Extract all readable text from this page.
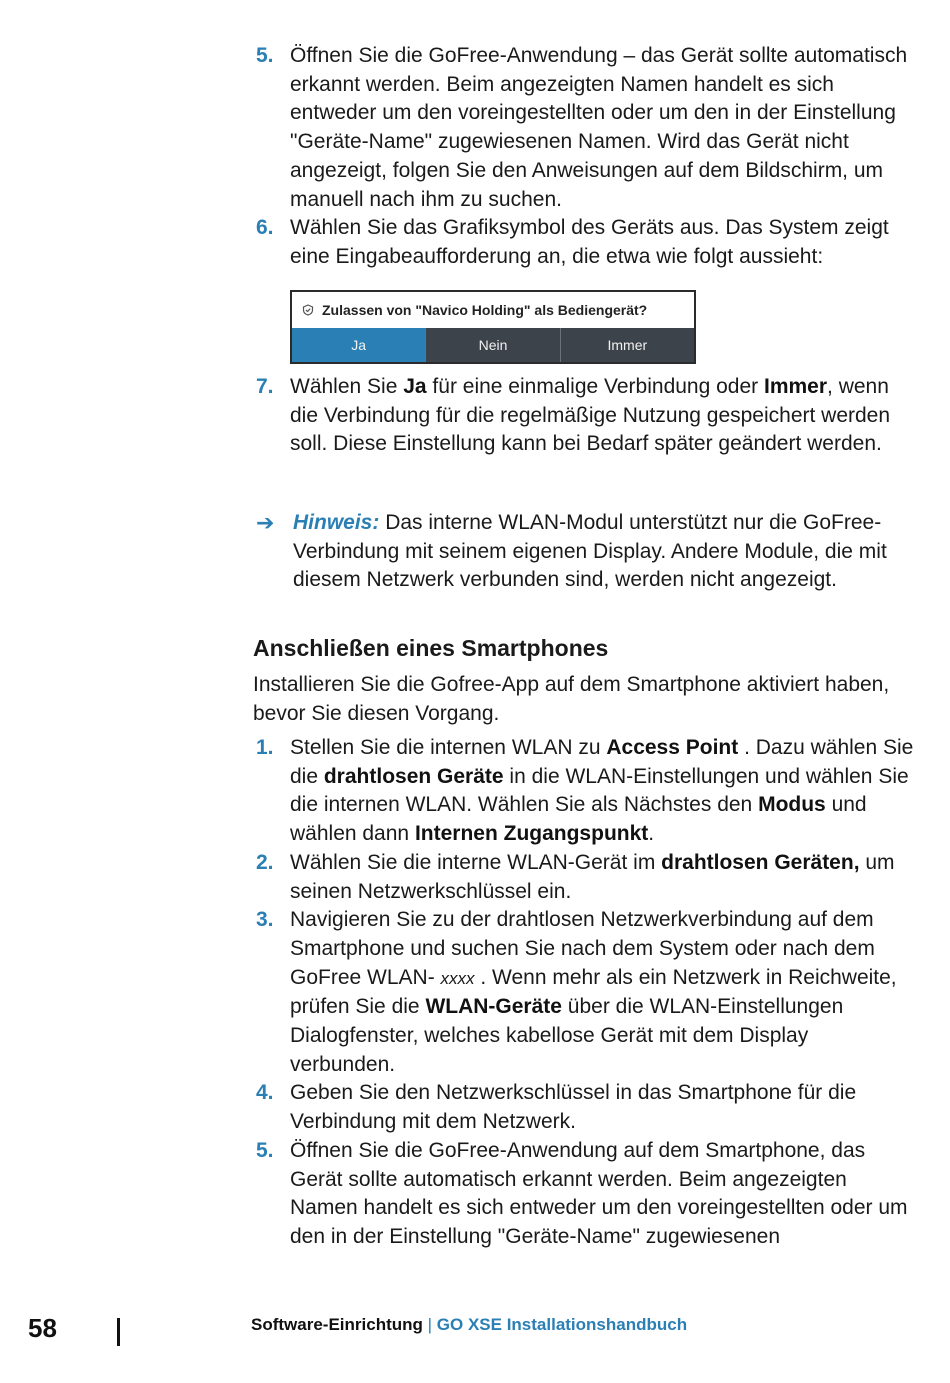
5. Öffnen Sie die GoFree-Anwendung – das Gerät sollte automatisch erkannt werden. Beim angezeigten Namen handelt es sich entweder um den voreingestellten oder um den in der Einstellung "Geräte-Name" zugewiesenen Namen. Wird das Gerät nicht angezeigt, folgen Sie den Anweisungen auf dem Bildschirm, um manuell nach ihm zu suchen.
6. Wählen Sie das Grafiksymbol des Geräts aus. Das System zeigt eine Eingabeaufforderung an, die etwa wie folgt aussieht:
Zulassen von "Navico Holding" als Bediengerät?
Ja	Nein	Immer
7. Wählen Sie Ja für eine einmalige Verbindung oder Immer, wenn die Verbindung für die regelmäßige Nutzung gespeichert werden soll. Diese Einstellung kann bei Bedarf später geändert werden.
➔ Hinweis: Das interne WLAN-Modul unterstützt nur die GoFree-Verbindung mit seinem eigenen Display. Andere Module, die mit diesem Netzwerk verbunden sind, werden nicht angezeigt.
Anschließen eines Smartphones

Installieren Sie die Gofree-App auf dem Smartphone aktiviert haben, bevor Sie diesen Vorgang.

1. Stellen Sie die internen WLAN zu Access Point . Dazu wählen Sie die drahtlosen Geräte in die WLAN-Einstellungen und wählen Sie die internen WLAN. Wählen Sie als Nächstes den Modus und wählen dann Internen Zugangspunkt.
2. Wählen Sie die interne WLAN-Gerät im drahtlosen Geräten, um seinen Netzwerkschlüssel ein.
3. Navigieren Sie zu der drahtlosen Netzwerkverbindung auf dem Smartphone und suchen Sie nach dem System oder nach dem GoFree WLAN- xxxx . Wenn mehr als ein Netzwerk in Reichweite, prüfen Sie die WLAN-Geräte über die WLAN-Einstellungen Dialogfenster, welches kabellose Gerät mit dem Display verbunden.
4. Geben Sie den Netzwerkschlüssel in das Smartphone für die Verbindung mit dem Netzwerk.
5. Öffnen Sie die GoFree-Anwendung auf dem Smartphone, das Gerät sollte automatisch erkannt werden. Beim angezeigten Namen handelt es sich entweder um den voreingestellten oder um den in der Einstellung "Geräte-Name" zugewiesenen
58	Software-Einrichtung | GO XSE Installationshandbuch
